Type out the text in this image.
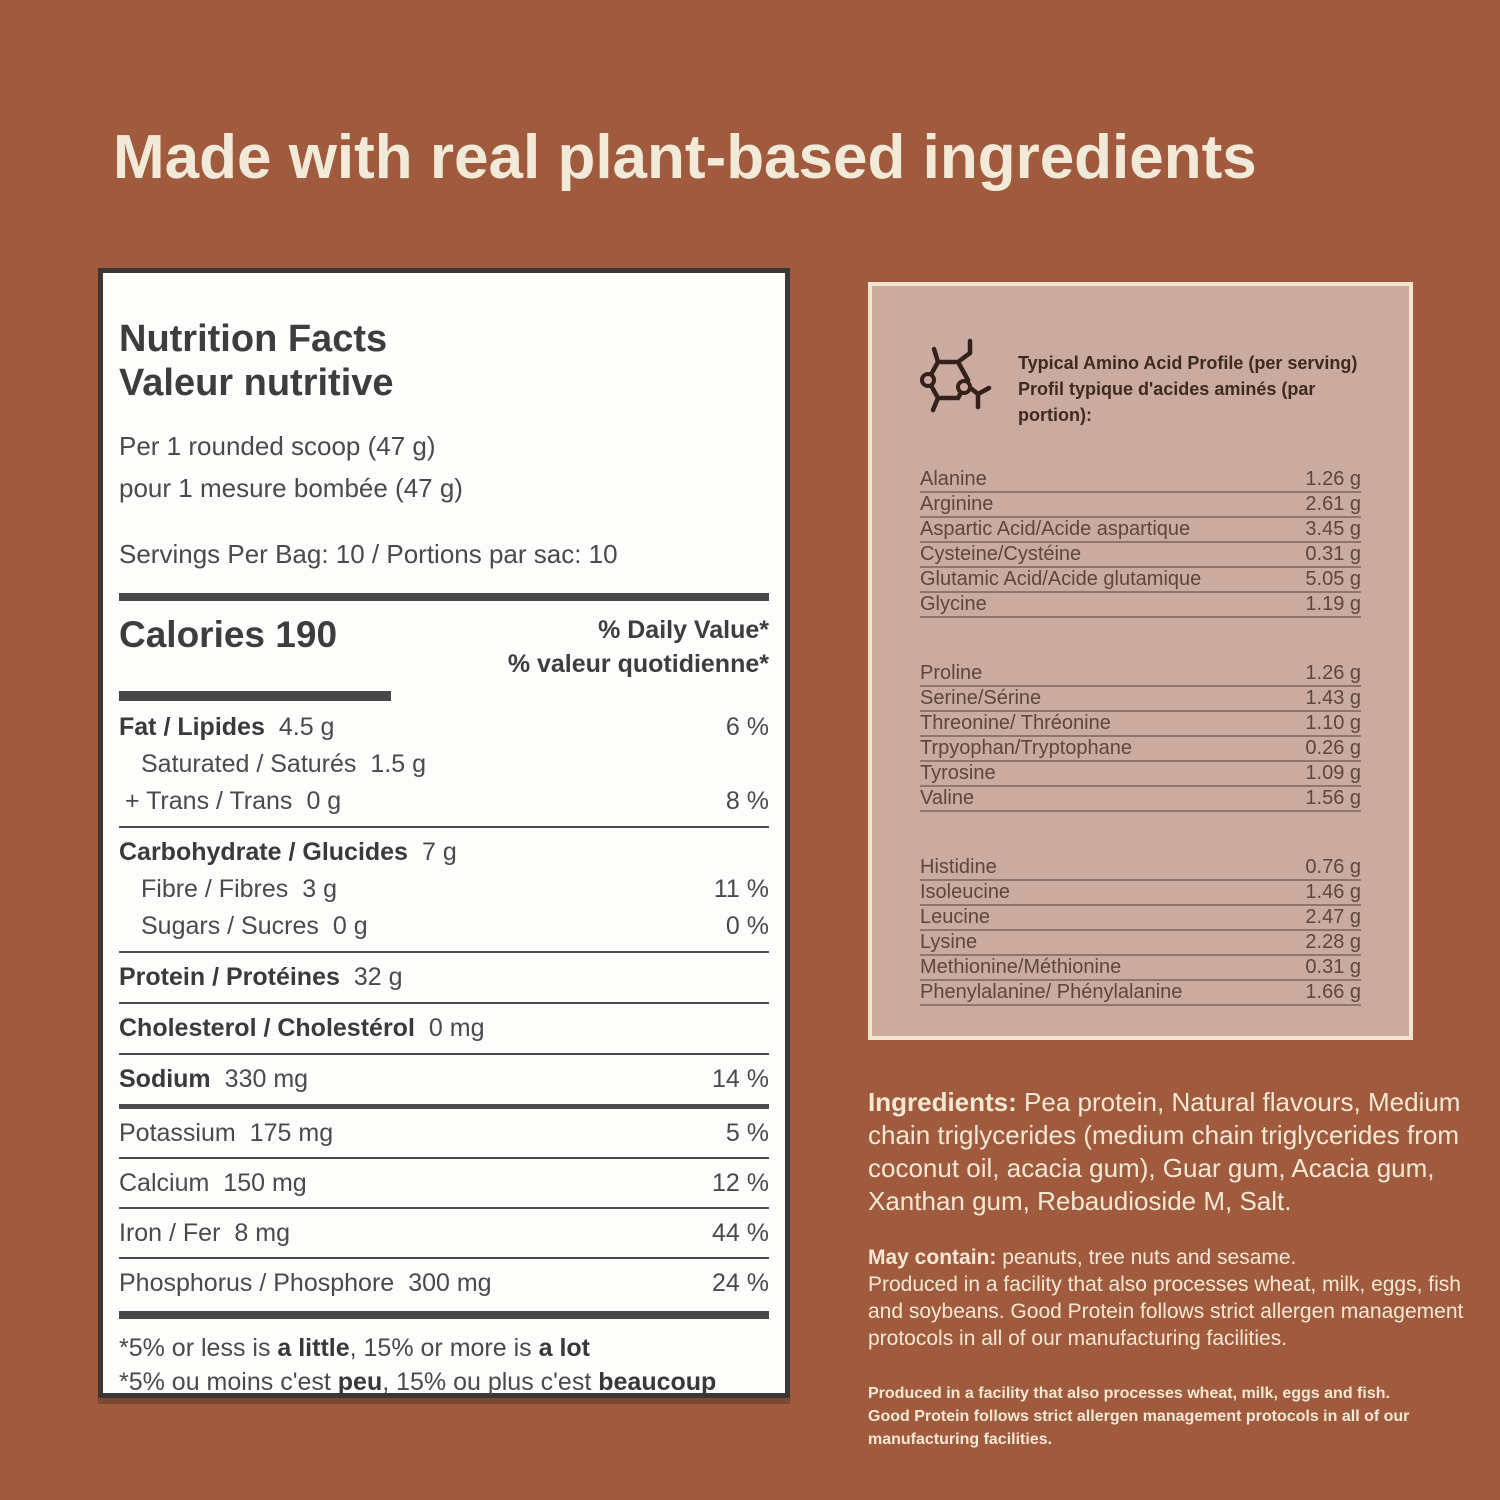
Made with real plant-based ingredients
Nutrition Facts
Valeur nutritive
Per 1 rounded scoop (47 g)
pour 1 mesure bombée (47 g)
Servings Per Bag: 10 / Portions par sac: 10
Calories 190	% Daily Value*
% valeur quotidienne*
Fat / Lipides 4.5 g	6 %
Saturated / Saturés 1.5 g
+ Trans / Trans 0 g	8 %
Carbohydrate / Glucides 7 g
Fibre / Fibres 3 g	11 %
Sugars / Sucres 0 g	0 %
Protein / Protéines 32 g
Cholesterol / Cholestérol 0 mg
Sodium 330 mg	14 %
Potassium 175 mg	5 %
Calcium 150 mg	12 %
Iron / Fer 8 mg	44 %
Phosphorus / Phosphore 300 mg	24 %
*5% or less is a little, 15% or more is a lot
*5% ou moins c'est peu, 15% ou plus c'est beaucoup
Typical Amino Acid Profile (per serving)
Profil typique d'acides aminés (par portion):
Alanine	1.26 g
Arginine	2.61 g
Aspartic Acid/Acide aspartique	3.45 g
Cysteine/Cystéine	0.31 g
Glutamic Acid/Acide glutamique	5.05 g
Glycine	1.19 g
Proline	1.26 g
Serine/Sérine	1.43 g
Threonine/ Thréonine	1.10 g
Trpyophan/Tryptophane	0.26 g
Tyrosine	1.09 g
Valine	1.56 g
Histidine	0.76 g
Isoleucine	1.46 g
Leucine	2.47 g
Lysine	2.28 g
Methionine/Méthionine	0.31 g
Phenylalanine/ Phénylalanine	1.66 g

Ingredients: Pea protein, Natural flavours, Medium chain triglycerides (medium chain triglycerides from coconut oil, acacia gum), Guar gum, Acacia gum, Xanthan gum, Rebaudioside M, Salt.

May contain: peanuts, tree nuts and sesame.
Produced in a facility that also processes wheat, milk, eggs, fish and soybeans. Good Protein follows strict allergen management protocols in all of our manufacturing facilities.

Produced in a facility that also processes wheat, milk, eggs and fish. Good Protein follows strict allergen management protocols in all of our manufacturing facilities.
